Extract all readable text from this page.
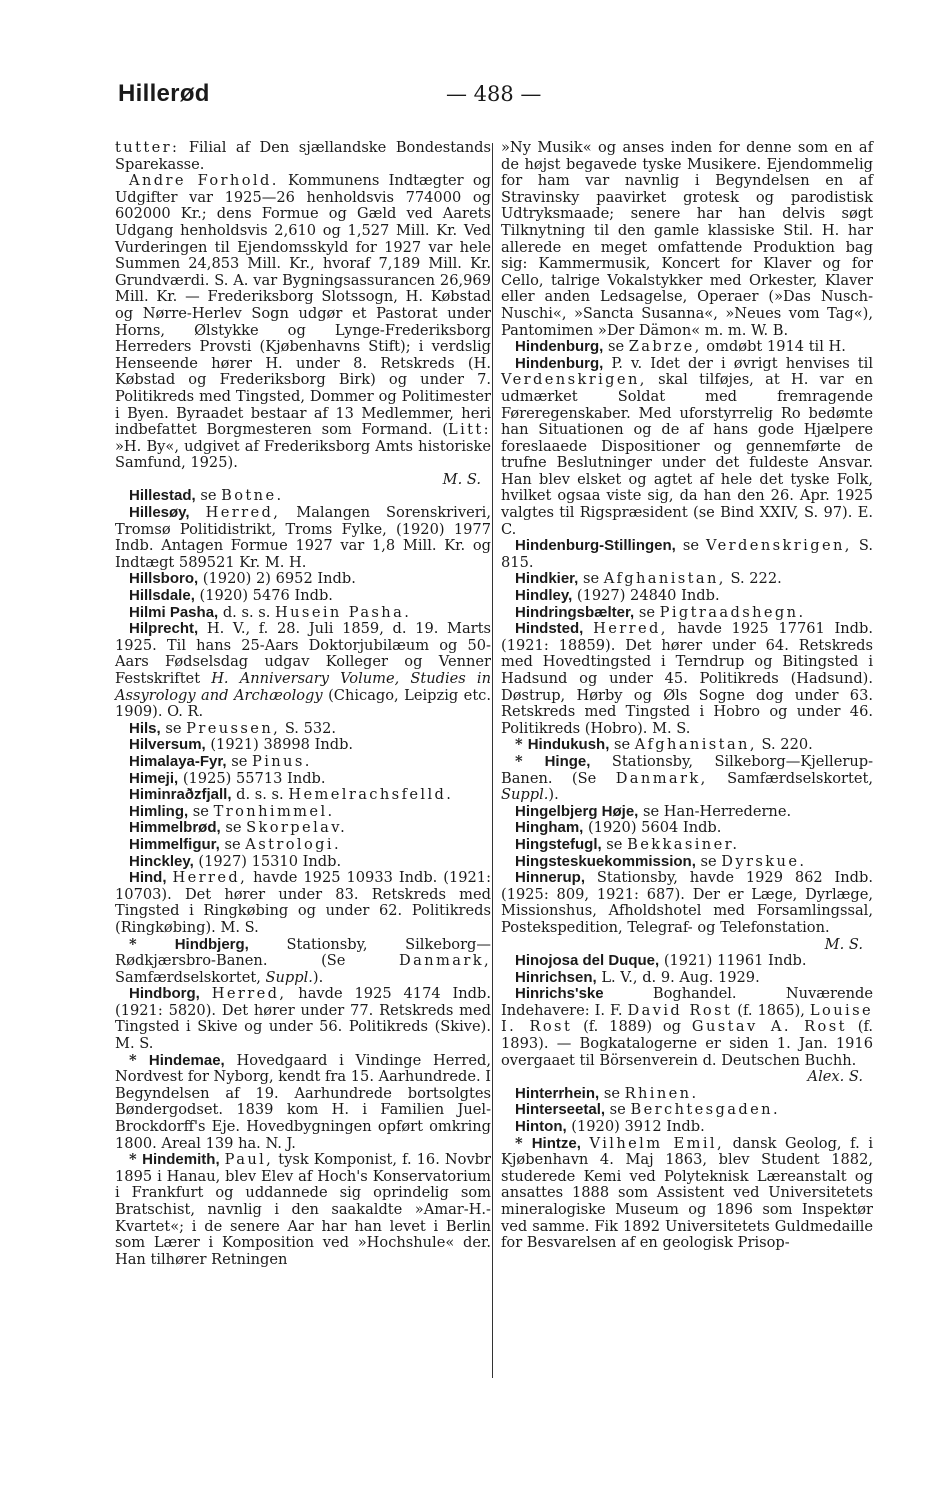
Hillerød	— 488 —

tutter: Filial af Den sjællandske Bondestands Sparekasse.

Andre Forhold. Kommunens Indtægter og Udgifter var 1925—26 henholdsvis 774000 og 602000 Kr.; dens Formue og Gæld ved Aarets Udgang henholdsvis 2,610 og 1,527 Mill. Kr. Ved Vurderingen til Ejendomsskyld for 1927 var hele Summen 24,853 Mill. Kr., hvoraf 7,189 Mill. Kr. Grundværdi. S. A. var Bygningsassurancen 26,969 Mill. Kr. — Frederiksborg Slotssogn, H. Købstad og Nørre-Herlev Sogn udgør et Pastorat under Horns, Ølstykke og Lynge-Frederiksborg Herreders Provsti (Kjøbenhavns Stift); i verdslig Henseende hører H. under 8. Retskreds (H. Købstad og Frederiksborg Birk) og under 7. Politikreds med Tingsted, Dommer og Politimester i Byen. Byraadet bestaar af 13 Medlemmer, heri indbefattet Borgmesteren som Formand. (Litt: »H. By«, udgivet af Frederiksborg Amts historiske Samfund, 1925).

M. S.

Hillestad, se Botne.

Hillesøy, Herred, Malangen Sorenskriveri, Tromsø Politidistrikt, Troms Fylke, (1920) 1977 Indb. Antagen Formue 1927 var 1,8 Mill. Kr. og Indtægt 589521 Kr. M. H.

Hillsboro, (1920) 2) 6952 Indb.

Hillsdale, (1920) 5476 Indb.

Hilmi Pasha, d. s. s. Husein Pasha.

Hilprecht, H. V., f. 28. Juli 1859, d. 19. Marts 1925. Til hans 25-Aars Doktorjubilæum og 50-Aars Fødselsdag udgav Kolleger og Venner Festskriftet H. Anniversary Volume, Studies in Assyrology and Archæology (Chicago, Leipzig etc. 1909). O. R.

Hils, se Preussen, S. 532.

Hilversum, (1921) 38998 Indb.

Himalaya-Fyr, se Pinus.

Himeji, (1925) 55713 Indb.

Himinraðzfjall, d. s. s. Hemelrachsfelld.

Himling, se Tronhimmel.

Himmelbrød, se Skorpelav.

Himmelfigur, se Astrologi.

Hinckley, (1927) 15310 Indb.

Hind, Herred, havde 1925 10933 Indb. (1921: 10703). Det hører under 83. Retskreds med Tingsted i Ringkøbing og under 62. Politikreds (Ringkøbing). M. S.

* Hindbjerg, Stationsby, Silkeborg—Rødkjærsbro-Banen. (Se Danmark, Samfærdselskortet, Suppl.).

Hindborg, Herred, havde 1925 4174 Indb. (1921: 5820). Det hører under 77. Retskreds med Tingsted i Skive og under 56. Politikreds (Skive). M. S.

* Hindemae, Hovedgaard i Vindinge Herred, Nordvest for Nyborg, kendt fra 15. Aarhundrede. I Begyndelsen af 19. Aarhundrede bortsolgtes Bøndergodset. 1839 kom H. i Familien Juel-Brockdorff's Eje. Hovedbygningen opført omkring 1800. Areal 139 ha. N. J.

* Hindemith, Paul, tysk Komponist, f. 16. Novbr 1895 i Hanau, blev Elev af Hoch's Konservatorium i Frankfurt og uddannede sig oprindelig som Bratschist, navnlig i den saakaldte »Amar-H.-Kvartet«; i de senere Aar har han levet i Berlin som Lærer i Komposition ved »Hochshule« der. Han tilhører Retningen

»Ny Musik« og anses inden for denne som en af de højst begavede tyske Musikere. Ejendommelig for ham var navnlig i Begyndelsen en af Stravinsky paavirket grotesk og parodistisk Udtryksmaade; senere har han delvis søgt Tilknytning til den gamle klassiske Stil. H. har allerede en meget omfattende Produktion bag sig: Kammermusik, Koncert for Klaver og for Cello, talrige Vokalstykker med Orkester, Klaver eller anden Ledsagelse, Operaer (»Das Nusch-Nuschi«, »Sancta Susanna«, »Neues vom Tag«), Pantomimen »Der Dämon« m. m. W. B.

Hindenburg, se Zabrze, omdøbt 1914 til H.

Hindenburg, P. v. Idet der i øvrigt henvises til Verdenskrigen, skal tilføjes, at H. var en udmærket Soldat med fremragende Føreregenskaber. Med uforstyrrelig Ro bedømte han Situationen og de af hans gode Hjælpere foreslaaede Dispositioner og gennemførte de trufne Beslutninger under det fuldeste Ansvar. Han blev elsket og agtet af hele det tyske Folk, hvilket ogsaa viste sig, da han den 26. Apr. 1925 valgtes til Rigspræsident (se Bind XXIV, S. 97). E. C.

Hindenburg-Stillingen, se Verdenskrigen, S. 815.

Hindkier, se Afghanistan, S. 222.

Hindley, (1927) 24840 Indb.

Hindringsbælter, se Pigtraadshegn.

Hindsted, Herred, havde 1925 17761 Indb. (1921: 18859). Det hører under 64. Retskreds med Hovedtingsted i Terndrup og Bitingsted i Hadsund og under 45. Politikreds (Hadsund). Døstrup, Hørby og Øls Sogne dog under 63. Retskreds med Tingsted i Hobro og under 46. Politikreds (Hobro). M. S.

* Hindukush, se Afghanistan, S. 220.

* Hinge, Stationsby, Silkeborg—Kjellerup-Banen. (Se Danmark, Samfærdselskortet, Suppl.).

Hingelbjerg Høje, se Han-Herrederne.

Hingham, (1920) 5604 Indb.

Hingstefugl, se Bekkasiner.

Hingsteskuekommission, se Dyrskue.

Hinnerup, Stationsby, havde 1929 862 Indb. (1925: 809, 1921: 687). Der er Læge, Dyrlæge, Missionshus, Afholdshotel med Forsamlingssal, Postekspedition, Telegraf- og Telefonstation.

M. S.

Hinojosa del Duque, (1921) 11961 Indb.

Hinrichsen, L. V., d. 9. Aug. 1929.

Hinrichs'ske Boghandel. Nuværende Indehavere: I. F. David Rost (f. 1865), Louise I. Rost (f. 1889) og Gustav A. Rost (f. 1893). — Bogkatalogerne er siden 1. Jan. 1916 overgaaet til Börsenverein d. Deutschen Buchh.

Alex. S.

Hinterrhein, se Rhinen.

Hinterseetal, se Berchtesgaden.

Hinton, (1920) 3912 Indb.

* Hintze, Vilhelm Emil, dansk Geolog, f. i Kjøbenhavn 4. Maj 1863, blev Student 1882, studerede Kemi ved Polyteknisk Læreanstalt og ansattes 1888 som Assistent ved Universitetets mineralogiske Museum og 1896 som Inspektør ved samme. Fik 1892 Universitetets Guldmedaille for Besvarelsen af en geologisk Prisop-
